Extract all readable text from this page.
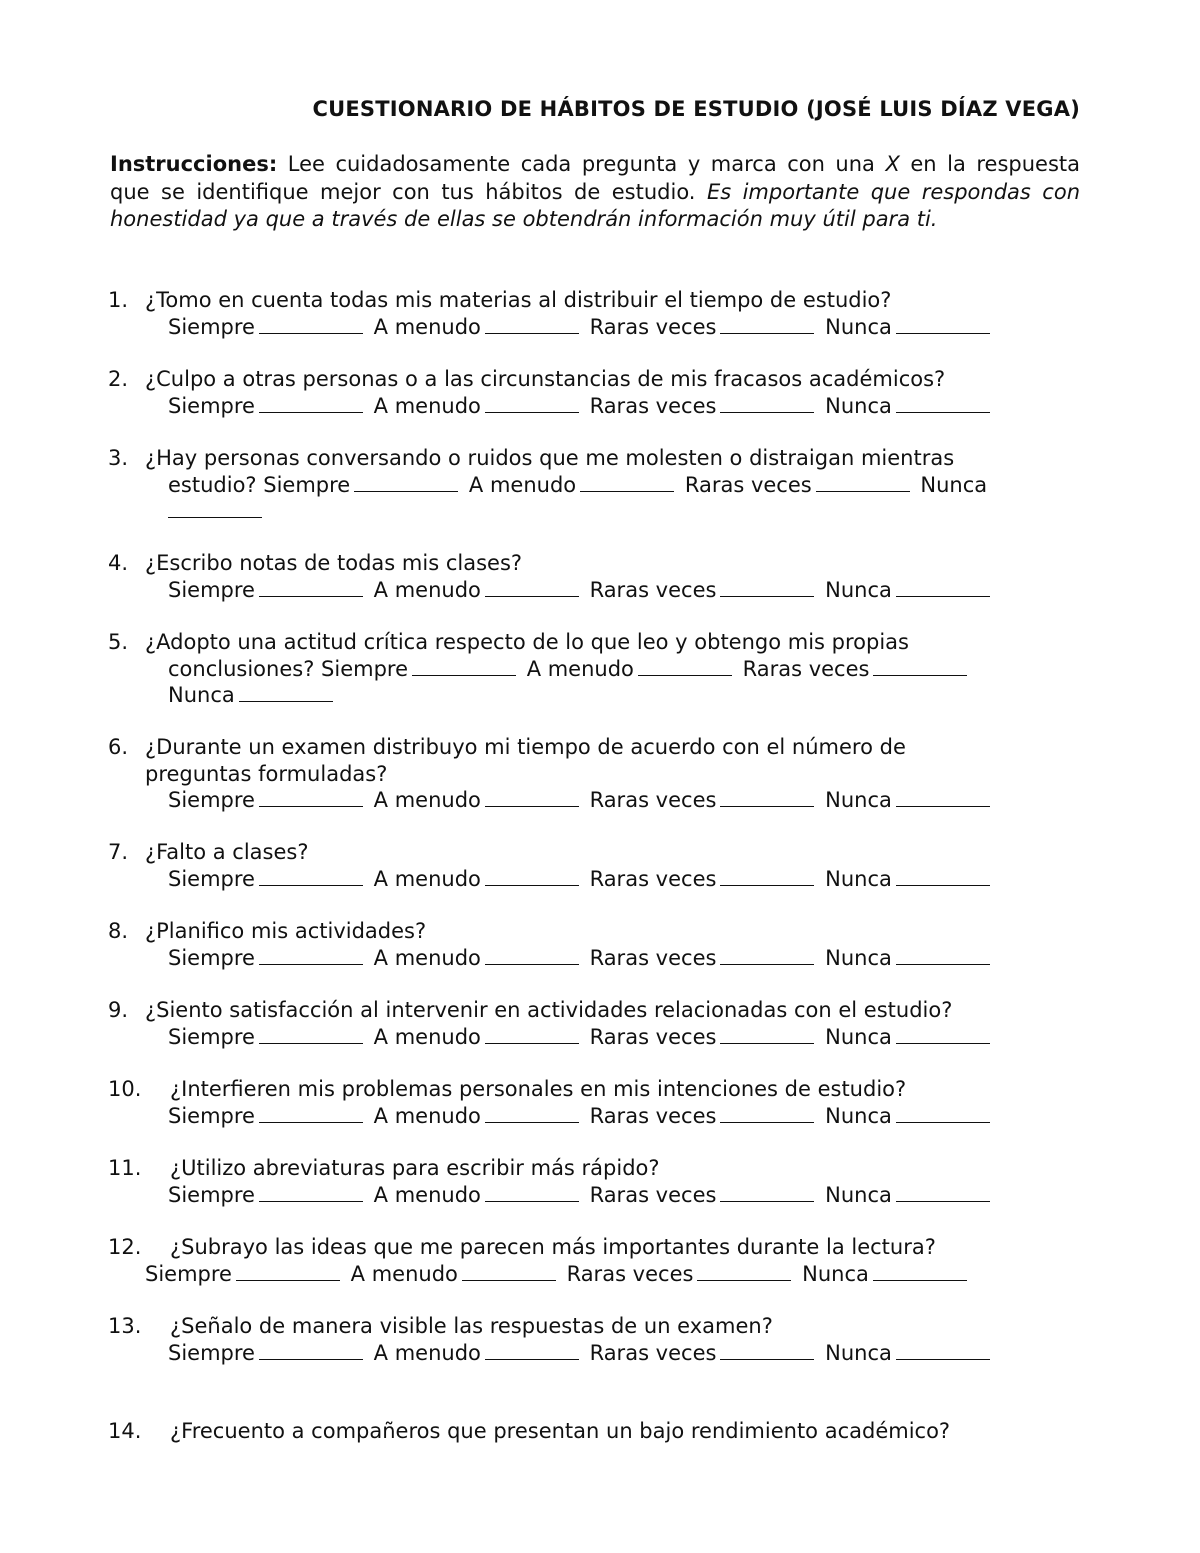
CUESTIONARIO DE HÁBITOS DE ESTUDIO (JOSÉ LUIS DÍAZ VEGA)
Instrucciones: Lee cuidadosamente cada pregunta y marca con una X en la respuesta que se identifique mejor con tus hábitos de estudio. Es importante que respondas con honestidad ya que a través de ellas se obtendrán información muy útil para ti.
1. ¿Tomo en cuenta todas mis materias al distribuir el tiempo de estudio?
Siempre	A menudo	Raras veces	Nunca
2. ¿Culpo a otras personas o a las circunstancias de mis fracasos académicos?
Siempre	A menudo	Raras veces	Nunca
3. ¿Hay personas conversando o ruidos que me molesten o distraigan mientras
estudio? Siempre	A menudo	Raras veces	Nunca
4. ¿Escribo notas de todas mis clases?
Siempre	A menudo	Raras veces	Nunca
5. ¿Adopto una actitud crítica respecto de lo que leo y obtengo mis propias
conclusiones? Siempre	A menudo	Raras veces
Nunca
6. ¿Durante un examen distribuyo mi tiempo de acuerdo con el número de
preguntas formuladas?
Siempre	A menudo	Raras veces	Nunca
7. ¿Falto a clases?
Siempre	A menudo	Raras veces	Nunca
8. ¿Planifico mis actividades?
Siempre	A menudo	Raras veces	Nunca
9. ¿Siento satisfacción al intervenir en actividades relacionadas con el estudio?
Siempre	A menudo	Raras veces	Nunca
10.	¿Interfieren mis problemas personales en mis intenciones de estudio?
Siempre	A menudo	Raras veces	Nunca
11.	¿Utilizo abreviaturas para escribir más rápido?
Siempre	A menudo	Raras veces	Nunca
12.	¿Subrayo las ideas que me parecen más importantes durante la lectura?
Siempre	A menudo	Raras veces	Nunca
13.	¿Señalo de manera visible las respuestas de un examen?
Siempre	A menudo	Raras veces	Nunca
14.	¿Frecuento a compañeros que presentan un bajo rendimiento académico?
